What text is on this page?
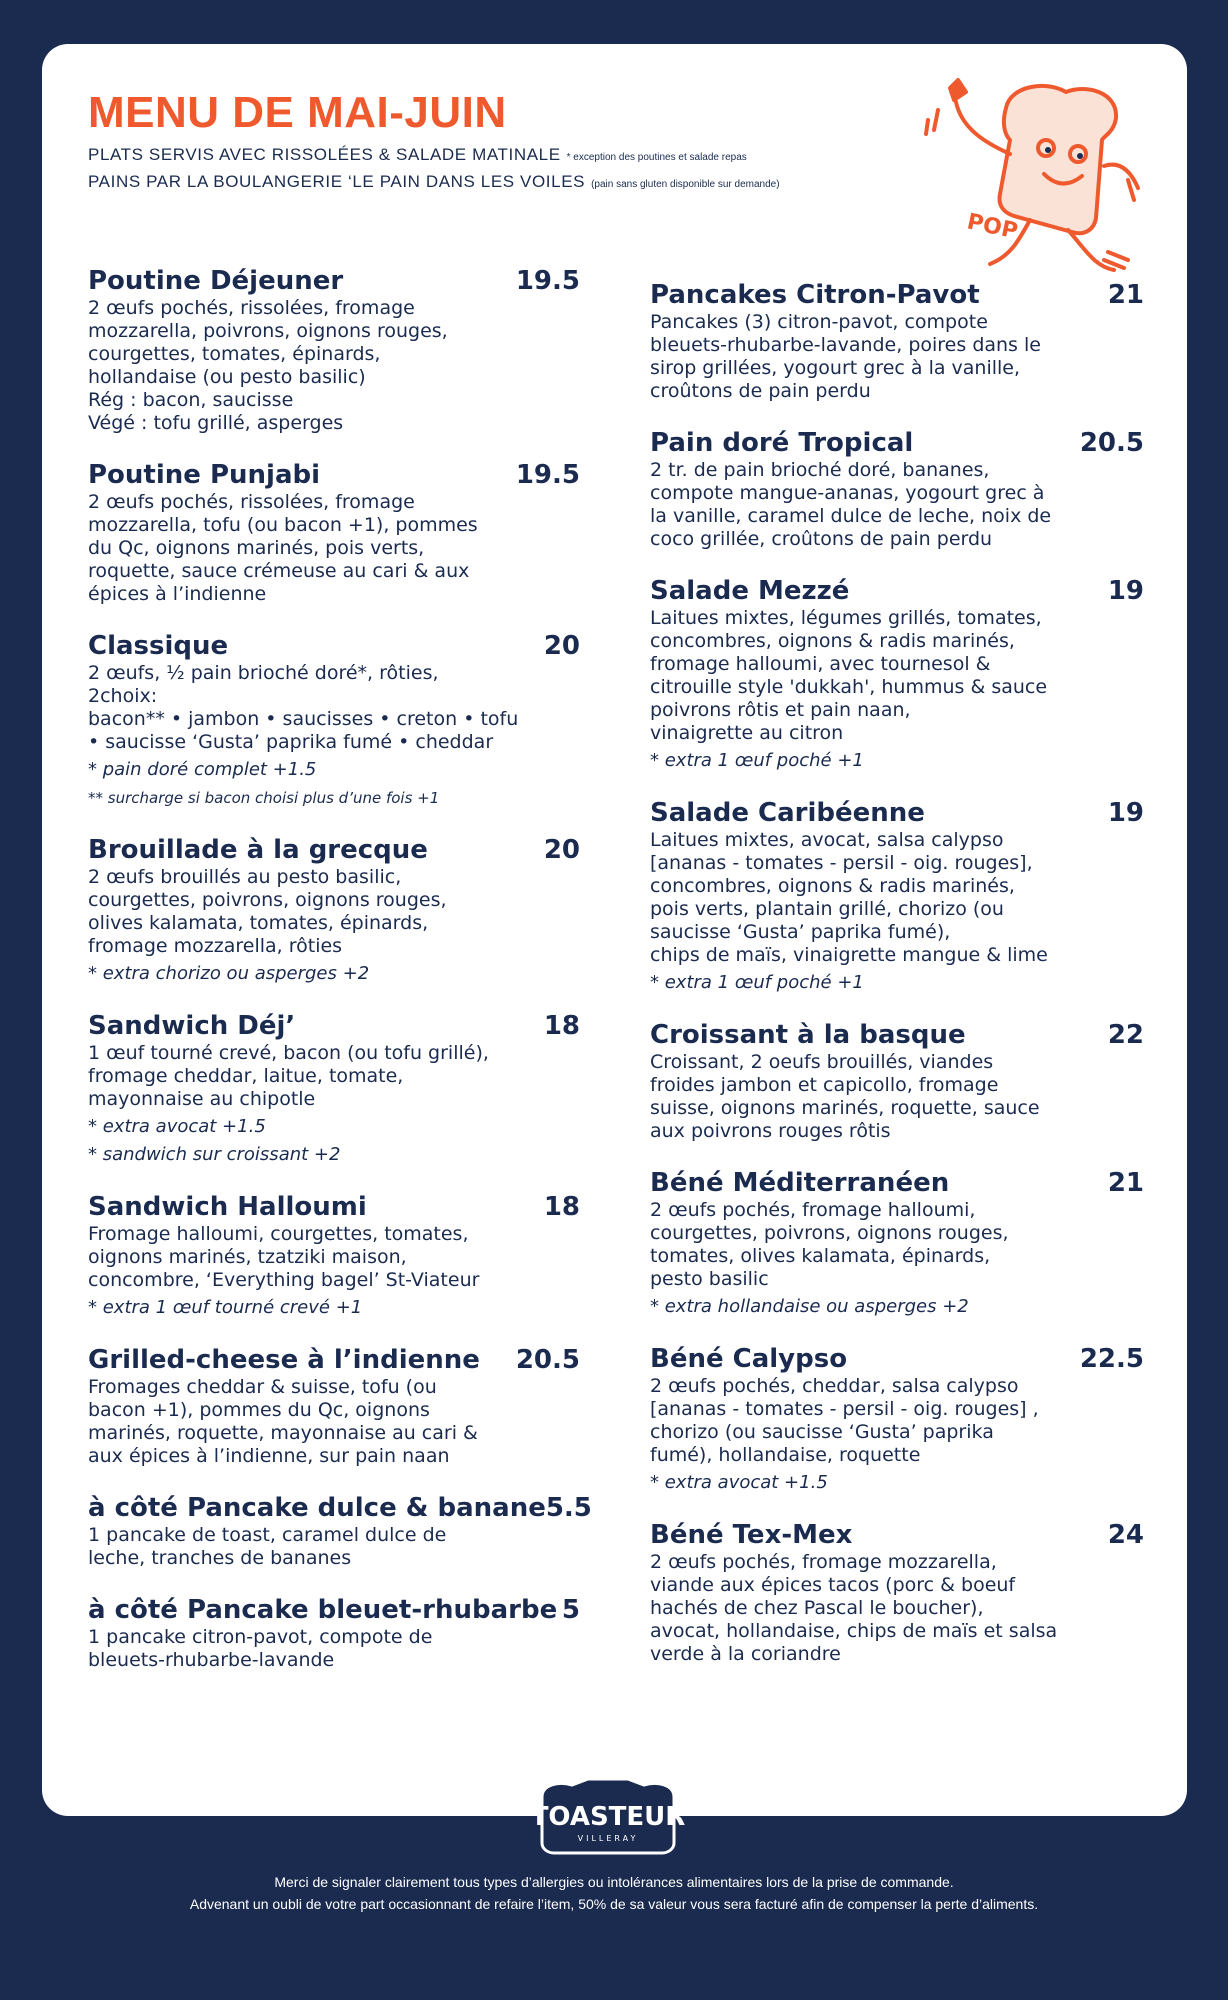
MENU DE MAI-JUIN
PLATS SERVIS AVEC RISSOLÉES & SALADE MATINALE * exception des poutines et salade repas
PAINS PAR LA BOULANGERIE ‘LE PAIN DANS LES VOILES (pain sans gluten disponible sur demande)
POP
Poutine Déjeuner	19.5
2 œufs pochés, rissolées, fromage
mozzarella, poivrons, oignons rouges,
courgettes, tomates, épinards,
hollandaise (ou pesto basilic)
Rég : bacon, saucisse
Végé : tofu grillé, asperges
Poutine Punjabi	19.5
2 œufs pochés, rissolées, fromage
mozzarella, tofu (ou bacon +1), pommes
du Qc, oignons marinés, pois verts,
roquette, sauce crémeuse au cari & aux
épices à l’indienne
Classique	20
2 œufs, ½ pain brioché doré*, rôties,
2choix:
bacon** • jambon • saucisses • creton • tofu
• saucisse ‘Gusta’ paprika fumé • cheddar
* pain doré complet +1.5
** surcharge si bacon choisi plus d’une fois +1
Brouillade à la grecque	20
2 œufs brouillés au pesto basilic,
courgettes, poivrons, oignons rouges,
olives kalamata, tomates, épinards,
fromage mozzarella, rôties
* extra chorizo ou asperges +2
Sandwich Déj’	18
1 œuf tourné crevé, bacon (ou tofu grillé),
fromage cheddar, laitue, tomate,
mayonnaise au chipotle
* extra avocat +1.5
* sandwich sur croissant +2
Sandwich Halloumi	18
Fromage halloumi, courgettes, tomates,
oignons marinés, tzatziki maison,
concombre, ‘Everything bagel’ St-Viateur
* extra 1 œuf tourné crevé +1
Grilled-cheese à l’indienne 20.5
Fromages cheddar & suisse, tofu (ou
bacon +1), pommes du Qc, oignons
marinés, roquette, mayonnaise au cari &
aux épices à l’indienne, sur pain naan
à côté Pancake dulce & banane 5.5
1 pancake de toast, caramel dulce de
leche, tranches de bananes
à côté Pancake bleuet-rhubarbe 5
1 pancake citron-pavot, compote de
bleuets-rhubarbe-lavande
Pancakes Citron-Pavot	21
Pancakes (3) citron-pavot, compote
bleuets-rhubarbe-lavande, poires dans le
sirop grillées, yogourt grec à la vanille,
croûtons de pain perdu
Pain doré Tropical	20.5
2 tr. de pain brioché doré, bananes,
compote mangue-ananas, yogourt grec à
la vanille, caramel dulce de leche, noix de
coco grillée, croûtons de pain perdu
Salade Mezzé	19
Laitues mixtes, légumes grillés, tomates,
concombres, oignons & radis marinés,
fromage halloumi, avec tournesol &
citrouille style 'dukkah', hummus & sauce
poivrons rôtis et pain naan,
vinaigrette au citron
* extra 1 œuf poché +1
Salade Caribéenne	19
Laitues mixtes, avocat, salsa calypso
[ananas - tomates - persil - oig. rouges],
concombres, oignons & radis marinés,
pois verts, plantain grillé, chorizo (ou
saucisse ‘Gusta’ paprika fumé),
chips de maïs, vinaigrette mangue & lime
* extra 1 œuf poché +1
Croissant à la basque	22
Croissant, 2 oeufs brouillés, viandes
froides jambon et capicollo, fromage
suisse, oignons marinés, roquette, sauce
aux poivrons rouges rôtis
Béné Méditerranéen	21
2 œufs pochés, fromage halloumi,
courgettes, poivrons, oignons rouges,
tomates, olives kalamata, épinards,
pesto basilic
* extra hollandaise ou asperges +2
Béné Calypso	22.5
2 œufs pochés, cheddar, salsa calypso
[ananas - tomates - persil - oig. rouges] ,
chorizo (ou saucisse ‘Gusta’ paprika
fumé), hollandaise, roquette
* extra avocat +1.5
Béné Tex-Mex	24
2 œufs pochés, fromage mozzarella,
viande aux épices tacos (porc & boeuf
hachés de chez Pascal le boucher),
avocat, hollandaise, chips de maïs et salsa
verde à la coriandre
TOASTEUR
VILLERAY
Merci de signaler clairement tous types d’allergies ou intolérances alimentaires lors de la prise de commande.
Advenant un oubli de votre part occasionnant de refaire l’item, 50% de sa valeur vous sera facturé afin de compenser la perte d’aliments.
